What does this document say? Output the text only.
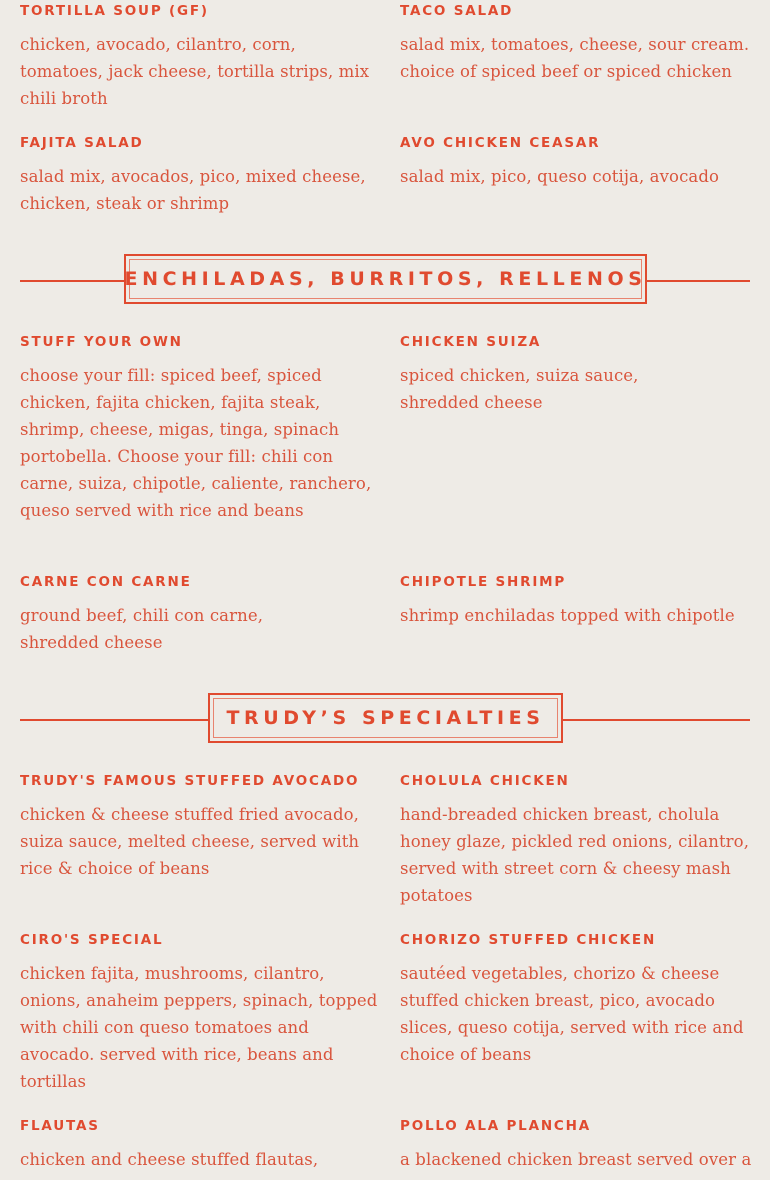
TORTILLA SOUP (GF)
chicken, avocado, cilantro, corn, tomatoes, jack cheese, tortilla strips, mix chili broth
TACO SALAD
salad mix, tomatoes, cheese, sour cream. choice of spiced beef or spiced chicken
FAJITA SALAD
salad mix, avocados, pico, mixed cheese, chicken, steak or shrimp
AVO CHICKEN CEASAR
salad mix, pico, queso cotija, avocado
ENCHILADAS, BURRITOS, RELLENOS
STUFF YOUR OWN
choose your fill: spiced beef, spiced chicken, fajita chicken, fajita steak, shrimp, cheese, migas, tinga, spinach portobella. Choose your fill: chili con carne, suiza, chipotle, caliente, ranchero, queso served with rice and beans
CHICKEN SUIZA
spiced chicken, suiza sauce, shredded cheese
CARNE CON CARNE
ground beef, chili con carne, shredded cheese
CHIPOTLE SHRIMP
shrimp enchiladas topped with chipotle
TRUDY’S SPECIALTIES
TRUDY'S FAMOUS STUFFED AVOCADO
chicken & cheese stuffed fried avocado, suiza sauce, melted cheese, served with rice & choice of beans
CHOLULA CHICKEN
hand-breaded chicken breast, cholula honey glaze, pickled red onions, cilantro, served with street corn & cheesy mash potatoes
CIRO'S SPECIAL
chicken fajita, mushrooms, cilantro, onions, anaheim peppers, spinach, topped with chili con queso tomatoes and avocado. served with rice, beans and tortillas
CHORIZO STUFFED CHICKEN
sautéed vegetables, chorizo & cheese stuffed chicken breast, pico, avocado slices, queso cotija, served with rice and choice of beans
FLAUTAS
chicken and cheese stuffed flautas,
POLLO ALA PLANCHA
a blackened chicken breast served over a
